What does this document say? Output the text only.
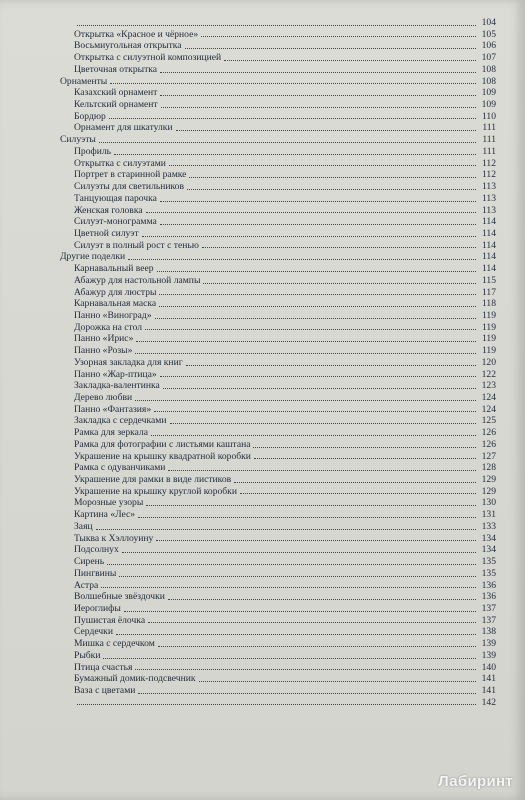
104
Открытка «Красное и чёрное»	105
Восьмиугольная открытка	106
Открытка с силуэтной композицией	107
Цветочная открытка	108
Орнаменты	108
Казахский орнамент	109
Кельтский орнамент	109
Бордюр	110
Орнамент для шкатулки	111
Силуэты	111
Профиль	111
Открытка с силуэтами	112
Портрет в старинной рамке	112
Силуэты для светильников	113
Танцующая парочка	113
Женская головка	113
Силуэт-монограмма	114
Цветной силуэт	114
Силуэт в полный рост с тенью	114
Другие поделки	114
Карнавальный веер	114
Абажур для настольной лампы	115
Абажур для люстры	117
Карнавальная маска	118
Панно «Виноград»	119
Дорожка на стол	119
Панно «Ирис»	119
Панно «Розы»	119
Узорная закладка для книг	120
Панно «Жар-птица»	122
Закладка-валентинка	123
Дерево любви	124
Панно «Фантазия»	124
Закладка с сердечками	125
Рамка для зеркала	126
Рамка для фотографии с листьями каштана	126
Украшение на крышку квадратной коробки	127
Рамка с одуванчиками	128
Украшение для рамки в виде листиков	129
Украшение на крышку круглой коробки	129
Морозные узоры	130
Картина «Лес»	131
Заяц	133
Тыква к Хэллоуину	134
Подсолнух	134
Сирень	135
Пингвины	135
Астра	136
Волшебные звёздочки	136
Иероглифы	137
Пушистая ёлочка	137
Сердечки	138
Мишка с сердечком	139
Рыбки	139
Птица счастья	140
Бумажный домик-подсвечник	141
Ваза с цветами	141
142
Лабиринт
